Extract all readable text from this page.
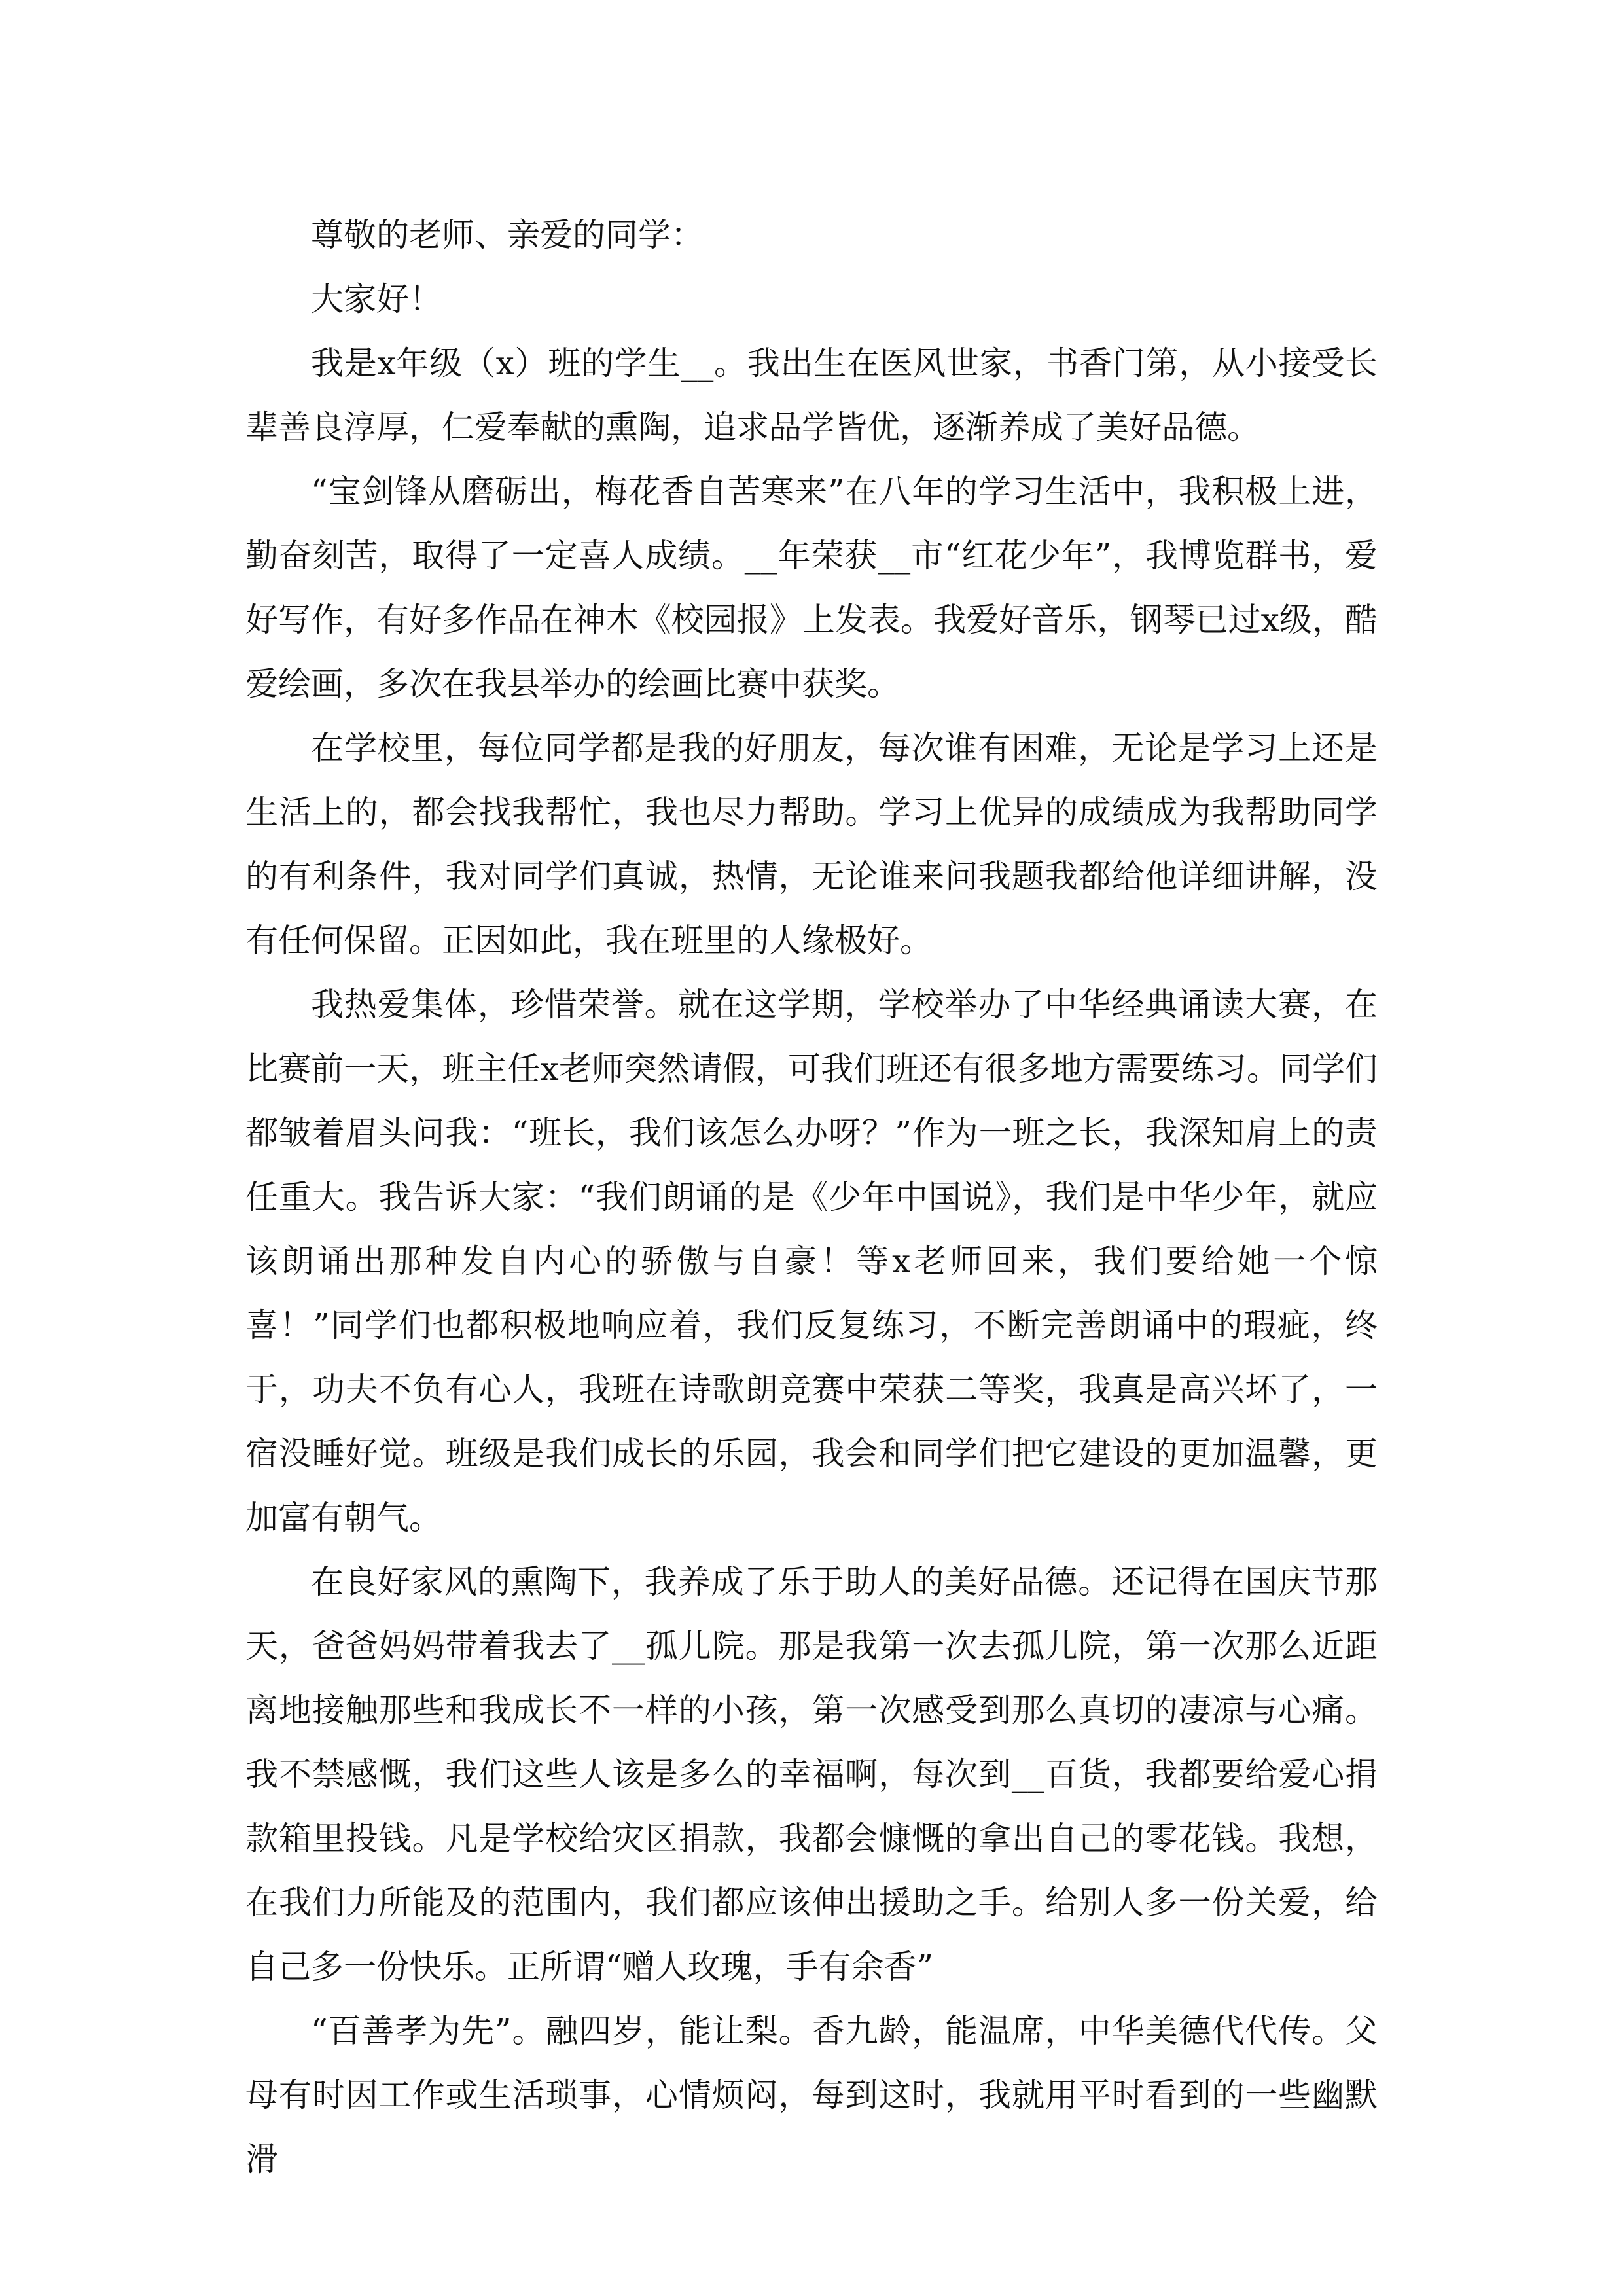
尊敬的老师、亲爱的同学：

大家好！

我是x年级（x）班的学生__。我出生在医风世家，书香门第，从小接受长辈善良淳厚，仁爱奉献的熏陶，追求品学皆优，逐渐养成了美好品德。

“宝剑锋从磨砺出，梅花香自苦寒来”在八年的学习生活中，我积极上进，勤奋刻苦，取得了一定喜人成绩。__年荣获__市“红花少年”，我博览群书，爱好写作，有好多作品在神木《校园报》上发表。我爱好音乐，钢琴已过x级，酷爱绘画，多次在我县举办的绘画比赛中获奖。

在学校里，每位同学都是我的好朋友，每次谁有困难，无论是学习上还是生活上的，都会找我帮忙，我也尽力帮助。学习上优异的成绩成为我帮助同学的有利条件，我对同学们真诚，热情，无论谁来问我题我都给他详细讲解，没有任何保留。正因如此，我在班里的人缘极好。

我热爱集体，珍惜荣誉。就在这学期，学校举办了中华经典诵读大赛，在比赛前一天，班主任x老师突然请假，可我们班还有很多地方需要练习。同学们都皱着眉头问我：“班长，我们该怎么办呀？”作为一班之长，我深知肩上的责任重大。我告诉大家：“我们朗诵的是《少年中国说》，我们是中华少年，就应该朗诵出那种发自内心的骄傲与自豪！等x老师回来，我们要给她一个惊喜！”同学们也都积极地响应着，我们反复练习，不断完善朗诵中的瑕疵，终于，功夫不负有心人，我班在诗歌朗竞赛中荣获二等奖，我真是高兴坏了，一宿没睡好觉。班级是我们成长的乐园，我会和同学们把它建设的更加温馨，更加富有朝气。

在良好家风的熏陶下，我养成了乐于助人的美好品德。还记得在国庆节那天，爸爸妈妈带着我去了__孤儿院。那是我第一次去孤儿院，第一次那么近距离地接触那些和我成长不一样的小孩，第一次感受到那么真切的凄凉与心痛。我不禁感慨，我们这些人该是多么的幸福啊，每次到__百货，我都要给爱心捐款箱里投钱。凡是学校给灾区捐款，我都会慷慨的拿出自己的零花钱。我想，在我们力所能及的范围内，我们都应该伸出援助之手。给别人多一份关爱，给自己多一份快乐。正所谓“赠人玫瑰，手有余香”

“百善孝为先”。融四岁，能让梨。香九龄，能温席，中华美德代代传。父母有时因工作或生活琐事，心情烦闷，每到这时，我就用平时看到的一些幽默滑
